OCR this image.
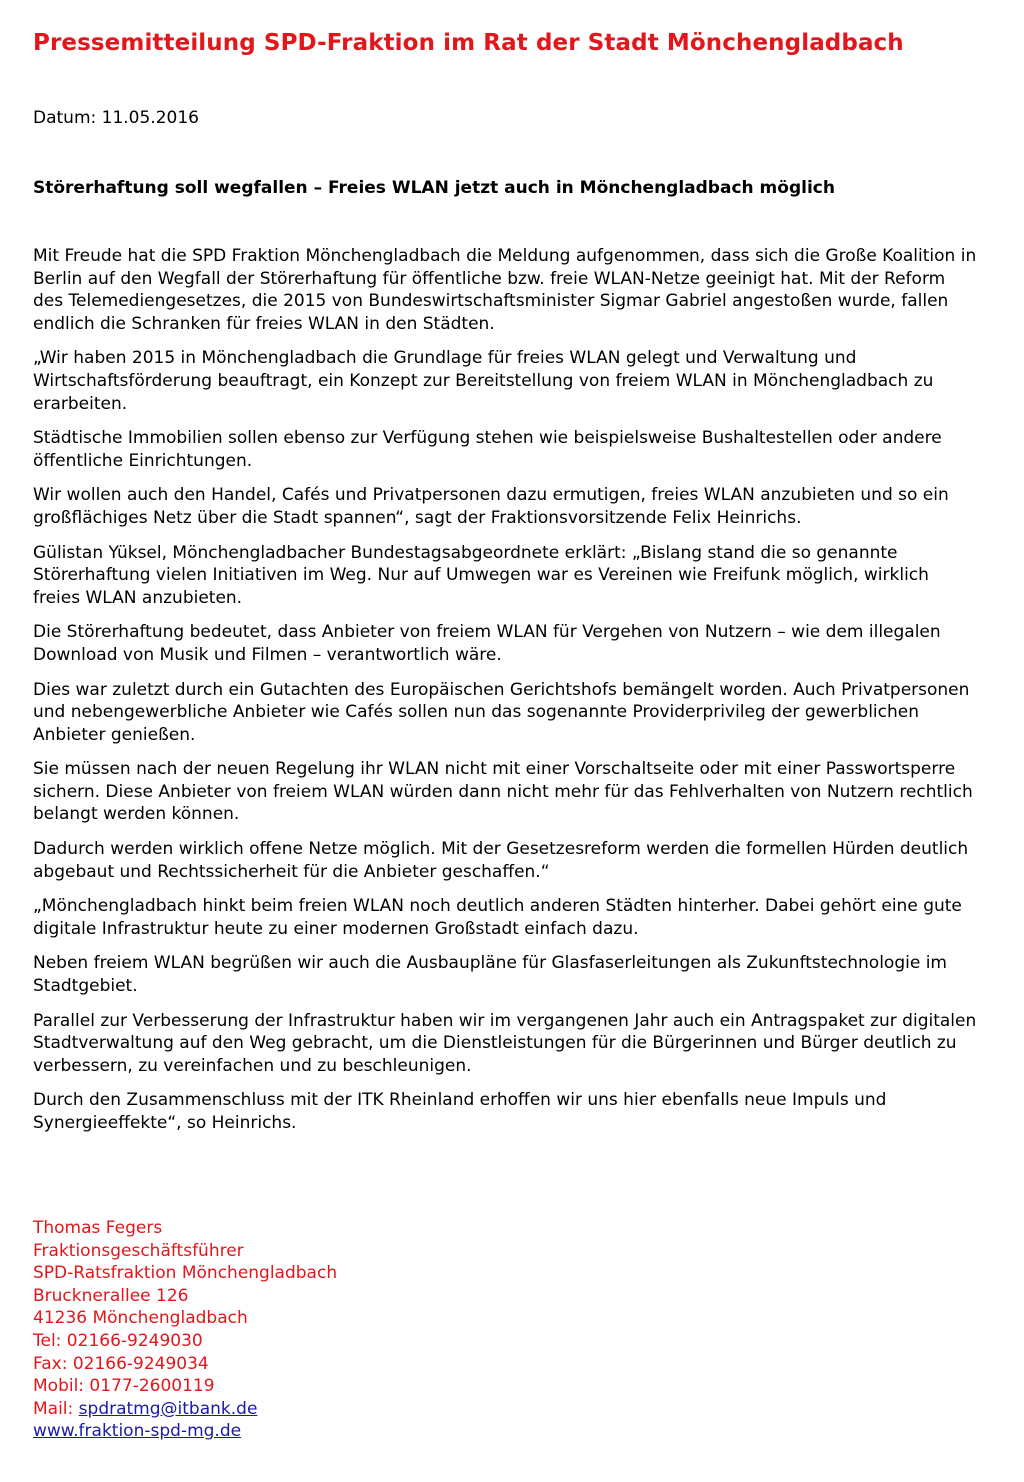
Pressemitteilung SPD-Fraktion im Rat der Stadt Mönchengladbach

Datum: 11.05.2016

Störerhaftung soll wegfallen – Freies WLAN jetzt auch in Mönchengladbach möglich

Mit Freude hat die SPD Fraktion Mönchengladbach die Meldung aufgenommen, dass sich die Große Koalition in Berlin auf den Wegfall der Störerhaftung für öffentliche bzw. freie WLAN-Netze geeinigt hat. Mit der Reform des Telemediengesetzes, die 2015 von Bundeswirtschaftsminister Sigmar Gabriel angestoßen wurde, fallen endlich die Schranken für freies WLAN in den Städten.

„Wir haben 2015 in Mönchengladbach die Grundlage für freies WLAN gelegt und Verwaltung und Wirtschaftsförderung beauftragt, ein Konzept zur Bereitstellung von freiem WLAN in Mönchengladbach zu erarbeiten.

Städtische Immobilien sollen ebenso zur Verfügung stehen wie beispielsweise Bushaltestellen oder andere öffentliche Einrichtungen.

Wir wollen auch den Handel, Cafés und Privatpersonen dazu ermutigen, freies WLAN anzubieten und so ein großflächiges Netz über die Stadt spannen“, sagt der Fraktionsvorsitzende Felix Heinrichs.

Gülistan Yüksel, Mönchengladbacher Bundestagsabgeordnete erklärt: „Bislang stand die so genannte Störerhaftung vielen Initiativen im Weg. Nur auf Umwegen war es Vereinen wie Freifunk möglich, wirklich freies WLAN anzubieten.

Die Störerhaftung bedeutet, dass Anbieter von freiem WLAN für Vergehen von Nutzern – wie dem illegalen Download von Musik und Filmen – verantwortlich wäre.

Dies war zuletzt durch ein Gutachten des Europäischen Gerichtshofs bemängelt worden. Auch Privatpersonen und nebengewerbliche Anbieter wie Cafés sollen nun das sogenannte Providerprivileg der gewerblichen Anbieter genießen.

Sie müssen nach der neuen Regelung ihr WLAN nicht mit einer Vorschaltseite oder mit einer Passwortsperre sichern. Diese Anbieter von freiem WLAN würden dann nicht mehr für das Fehlverhalten von Nutzern rechtlich belangt werden können.

Dadurch werden wirklich offene Netze möglich. Mit der Gesetzesreform werden die formellen Hürden deutlich abgebaut und Rechtssicherheit für die Anbieter geschaffen.“

„Mönchengladbach hinkt beim freien WLAN noch deutlich anderen Städten hinterher. Dabei gehört eine gute digitale Infrastruktur heute zu einer modernen Großstadt einfach dazu.

Neben freiem WLAN begrüßen wir auch die Ausbaupläne für Glasfaserleitungen als Zukunftstechnologie im Stadtgebiet.

Parallel zur Verbesserung der Infrastruktur haben wir im vergangenen Jahr auch ein Antragspaket zur digitalen Stadtverwaltung auf den Weg gebracht, um die Dienstleistungen für die Bürgerinnen und Bürger deutlich zu verbessern, zu vereinfachen und zu beschleunigen.

Durch den Zusammenschluss mit der ITK Rheinland erhoffen wir uns hier ebenfalls neue Impuls und Synergieeffekte“, so Heinrichs.

Thomas Fegers
Fraktionsgeschäftsführer
SPD-Ratsfraktion Mönchengladbach
Brucknerallee 126
41236 Mönchengladbach
Tel: 02166-9249030
Fax: 02166-9249034
Mobil: 0177-2600119
Mail: spdratmg@itbank.de
www.fraktion-spd-mg.de
